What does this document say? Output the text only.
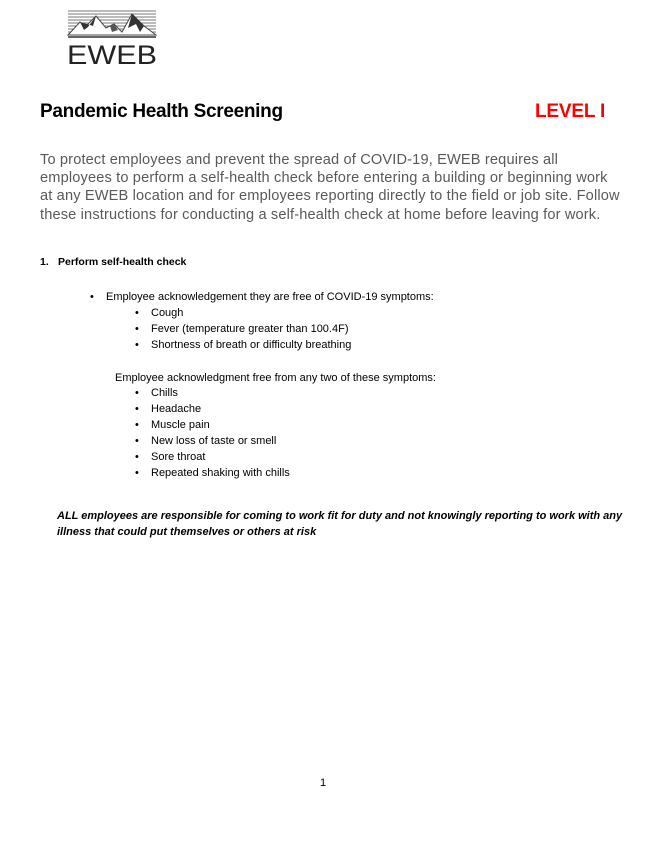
EWEB
Pandemic Health Screening	LEVEL I
To protect employees and prevent the spread of COVID-19, EWEB requires all employees to perform a self-health check before entering a building or beginning work at any EWEB location and for employees reporting directly to the field or job site. Follow these instructions for conducting a self-health check at home before leaving for work.
1. Perform self-health check
• Employee acknowledgement they are free of COVID-19 symptoms:
• Cough
• Fever (temperature greater than 100.4F)
• Shortness of breath or difficulty breathing
Employee acknowledgment free from any two of these symptoms:
• Chills
• Headache
• Muscle pain
• New loss of taste or smell
• Sore throat
• Repeated shaking with chills
ALL employees are responsible for coming to work fit for duty and not knowingly reporting to work with any illness that could put themselves or others at risk
1
